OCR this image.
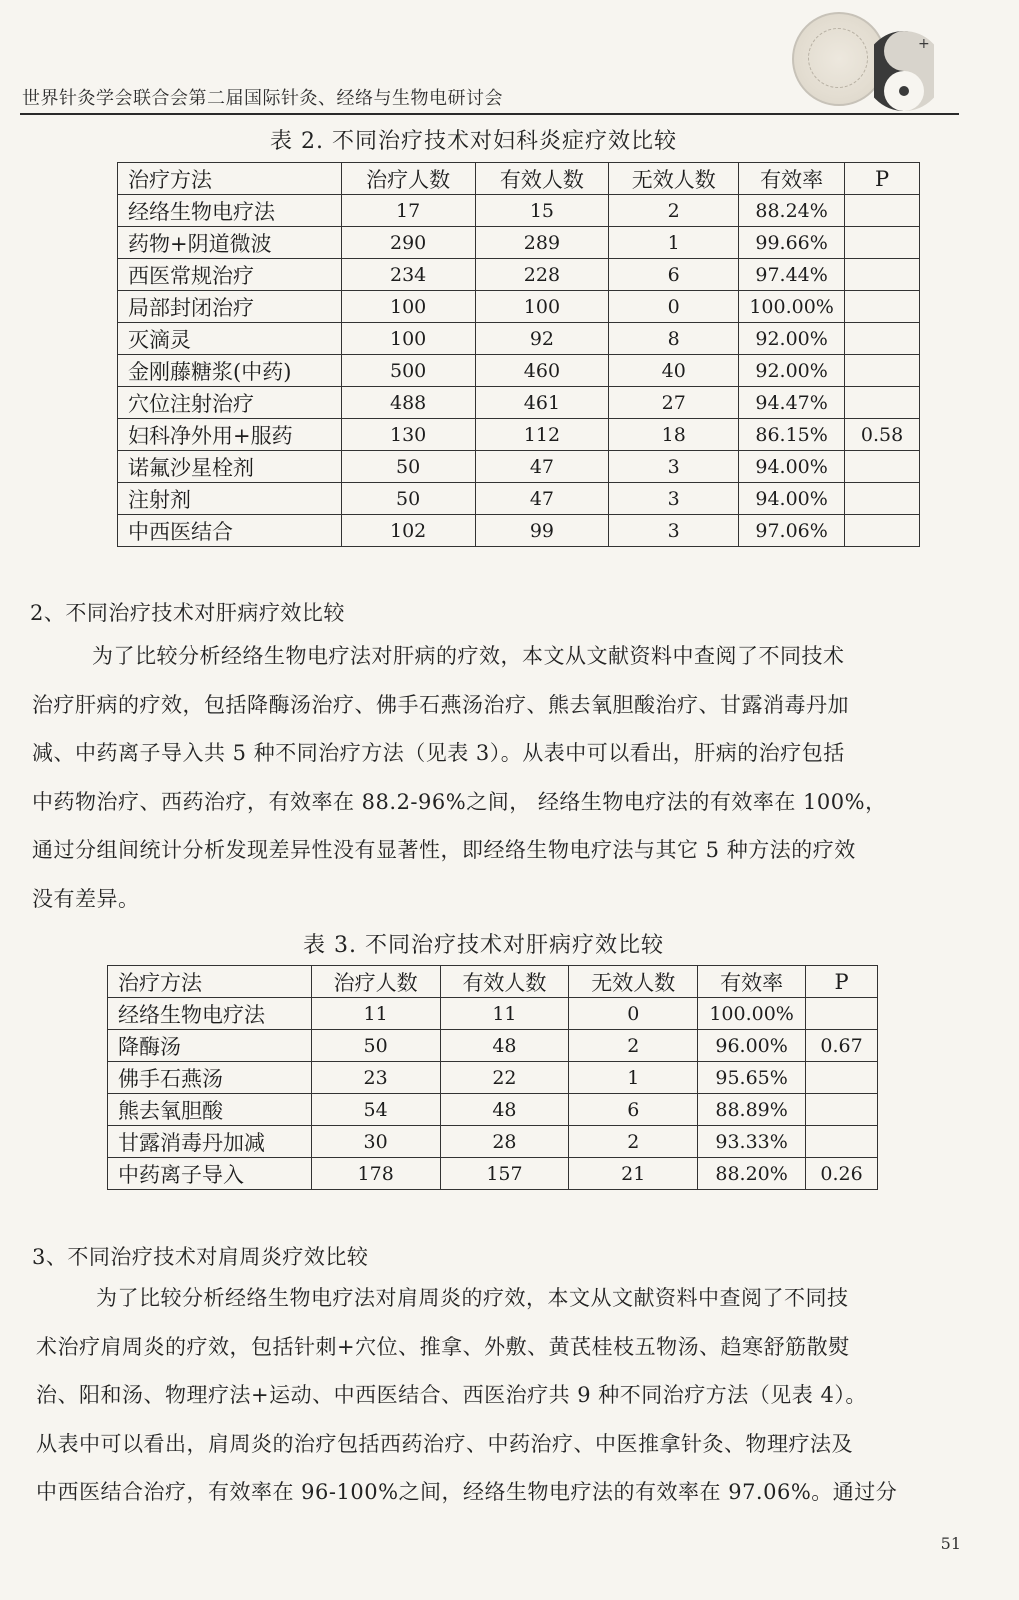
+
世界针灸学会联合会第二届国际针灸、经络与生物电研讨会
表 2. 不同治疗技术对妇科炎症疗效比较
治疗方法	治疗人数	有效人数	无效人数	有效率	P
经络生物电疗法	17	15	2	88.24%	
药物+阴道微波	290	289	1	99.66%	
西医常规治疗	234	228	6	97.44%	
局部封闭治疗	100	100	0	100.00%	
灭滴灵	100	92	8	92.00%	
金刚藤糖浆(中药)	500	460	40	92.00%	
穴位注射治疗	488	461	27	94.47%	
妇科净外用+服药	130	112	18	86.15%	0.58
诺氟沙星栓剂	50	47	3	94.00%	
注射剂	50	47	3	94.00%	
中西医结合	102	99	3	97.06%	
2、不同治疗技术对肝病疗效比较

为了比较分析经络生物电疗法对肝病的疗效，本文从文献资料中查阅了不同技术

治疗肝病的疗效，包括降酶汤治疗、佛手石燕汤治疗、熊去氧胆酸治疗、甘露消毒丹加

减、中药离子导入共 5 种不同治疗方法（见表 3）。从表中可以看出，肝病的治疗包括

中药物治疗、西药治疗，有效率在 88.2-96%之间， 经络生物电疗法的有效率在 100%，

通过分组间统计分析发现差异性没有显著性，即经络生物电疗法与其它 5 种方法的疗效

没有差异。

表 3. 不同治疗技术对肝病疗效比较
治疗方法	治疗人数	有效人数	无效人数	有效率	P
经络生物电疗法	11	11	0	100.00%	
降酶汤	50	48	2	96.00%	0.67
佛手石燕汤	23	22	1	95.65%	
熊去氧胆酸	54	48	6	88.89%	
甘露消毒丹加减	30	28	2	93.33%	
中药离子导入	178	157	21	88.20%	0.26
3、不同治疗技术对肩周炎疗效比较

为了比较分析经络生物电疗法对肩周炎的疗效，本文从文献资料中查阅了不同技

术治疗肩周炎的疗效，包括针刺+穴位、推拿、外敷、黄芪桂枝五物汤、趋寒舒筋散熨

治、阳和汤、物理疗法+运动、中西医结合、西医治疗共 9 种不同治疗方法（见表 4）。

从表中可以看出，肩周炎的治疗包括西药治疗、中药治疗、中医推拿针灸、物理疗法及

中西医结合治疗，有效率在 96-100%之间，经络生物电疗法的有效率在 97.06%。通过分

51
